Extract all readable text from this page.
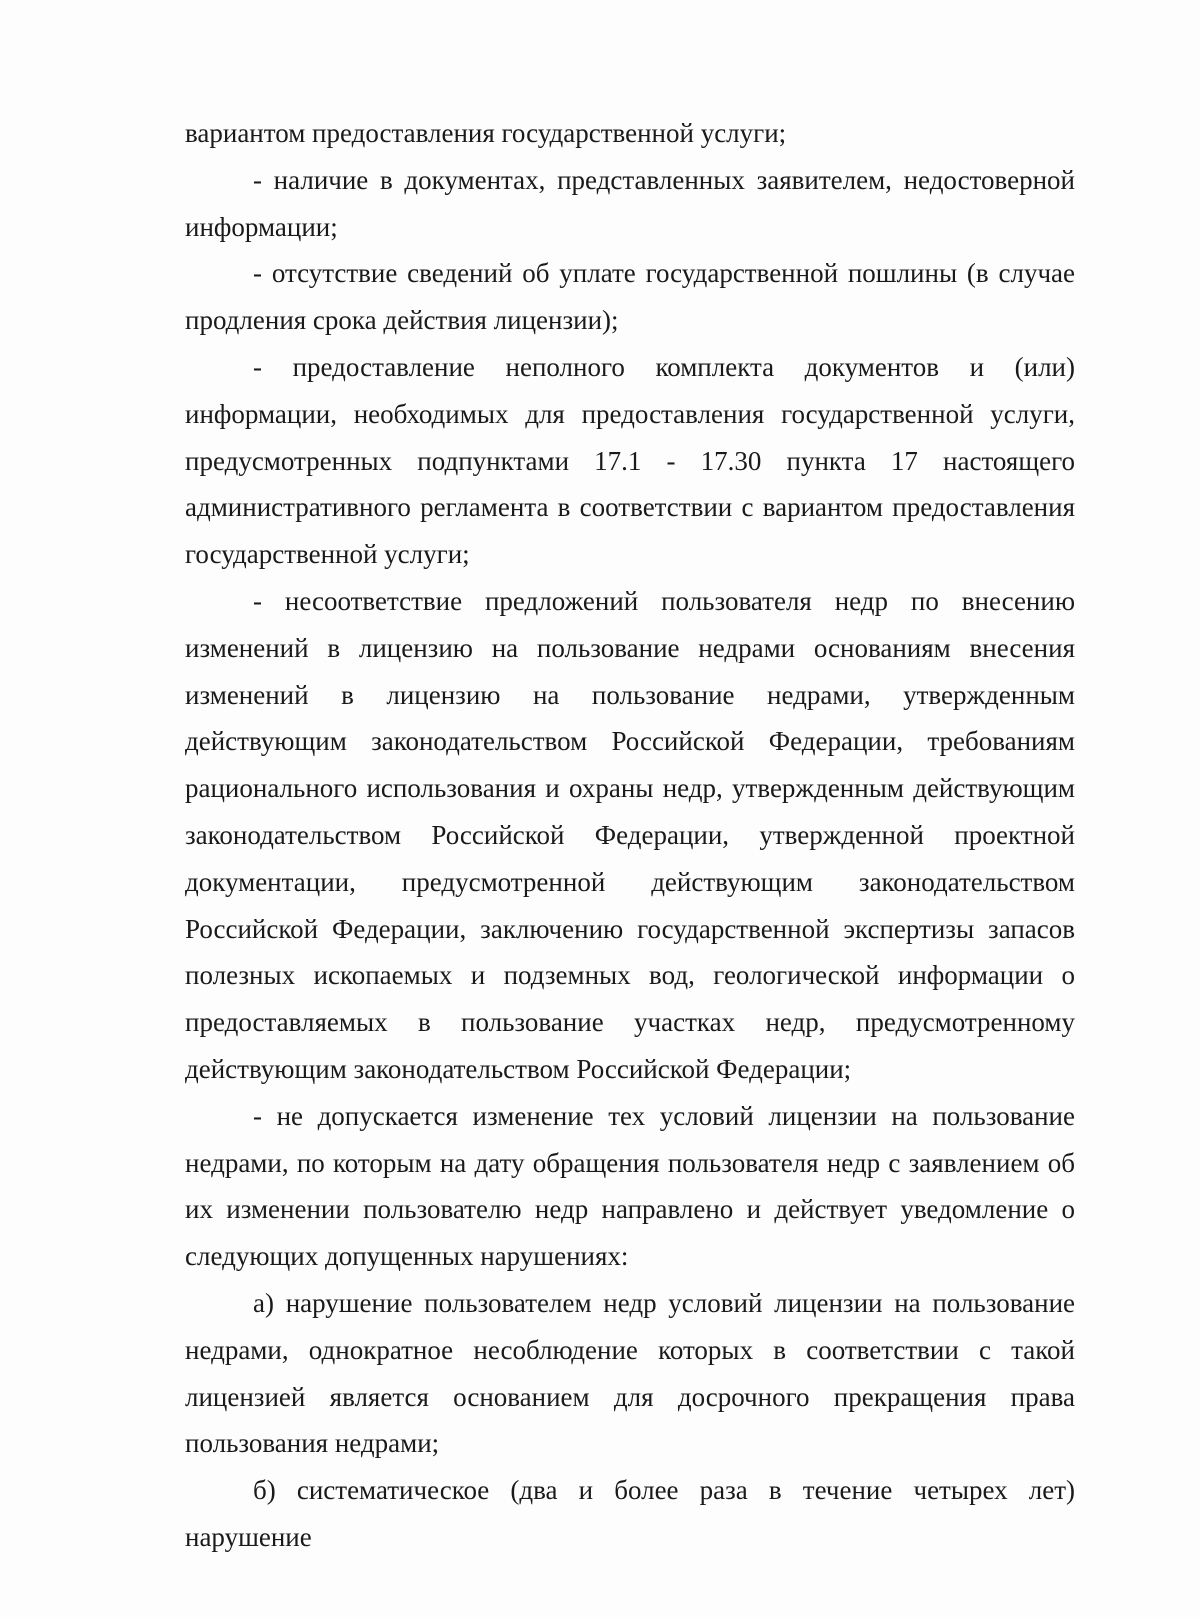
вариантом предоставления государственной услуги;

- наличие в документах, представленных заявителем, недостоверной информации;

- отсутствие сведений об уплате государственной пошлины (в случае продления срока действия лицензии);

- предоставление неполного комплекта документов и (или) информации, необходимых для предоставления государственной услуги, предусмотренных подпунктами 17.1 - 17.30 пункта 17 настоящего административного регламента в соответствии с вариантом предоставления государственной услуги;

- несоответствие предложений пользователя недр по внесению изменений в лицензию на пользование недрами основаниям внесения изменений в лицензию на пользование недрами, утвержденным действующим законодательством Российской Федерации, требованиям рационального использования и охраны недр, утвержденным действующим законодательством Российской Федерации, утвержденной проектной документации, предусмотренной действующим законодательством Российской Федерации, заключению государственной экспертизы запасов полезных ископаемых и подземных вод, геологической информации о предоставляемых в пользование участках недр, предусмотренному действующим законодательством Российской Федерации;

- не допускается изменение тех условий лицензии на пользование недрами, по которым на дату обращения пользователя недр с заявлением об их изменении пользователю недр направлено и действует уведомление о следующих допущенных нарушениях:

а) нарушение пользователем недр условий лицензии на пользование недрами, однократное несоблюдение которых в соответствии с такой лицензией является основанием для досрочного прекращения права пользования недрами;

б) систематическое (два и более раза в течение четырех лет) нарушение
